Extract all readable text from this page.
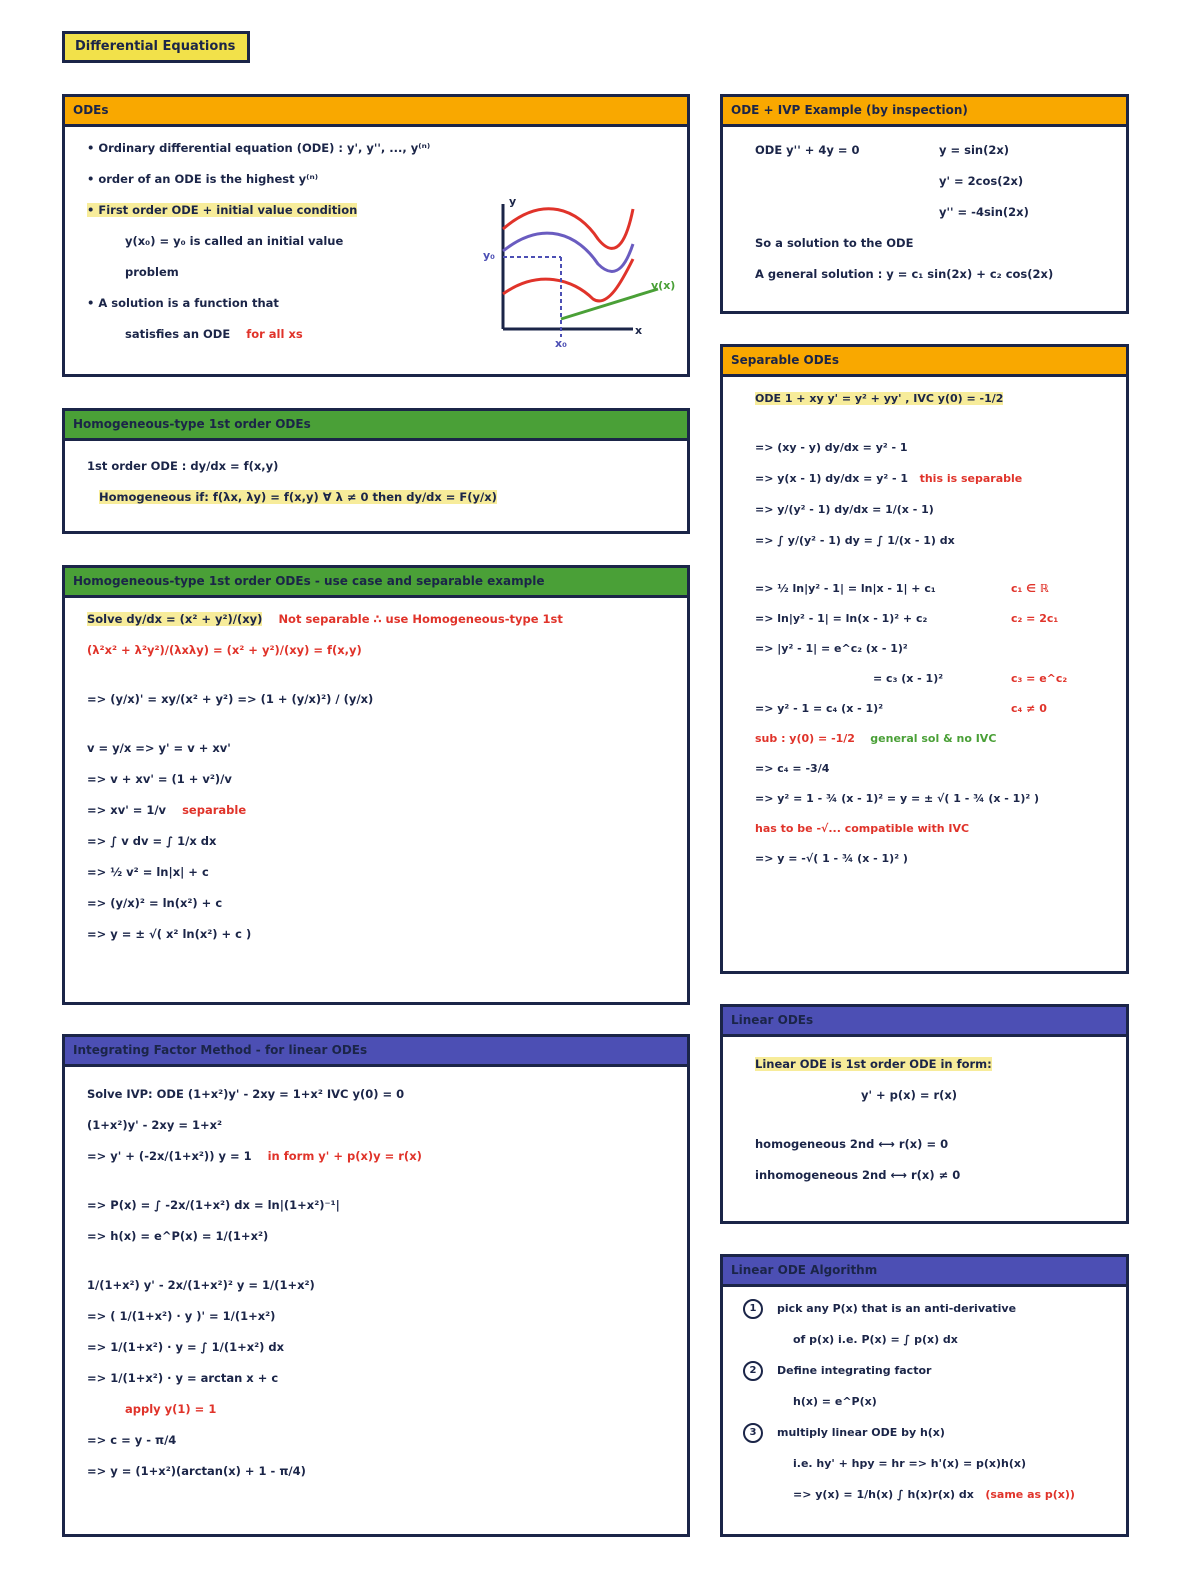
Differential Equations
ODEs
• Ordinary differential equation (ODE) : y', y'', ..., y⁽ⁿ⁾
• order of an ODE is the highest y⁽ⁿ⁾
• First order ODE + initial value condition
y(x₀) = y₀ is called an initial value
problem
• A solution is a function that
satisfies an ODE for all xs
y₀
x₀
y
x
y(x)
Homogeneous-type 1st order ODEs
1st order ODE : dy/dx = f(x,y)
Homogeneous if: f(λx, λy) = f(x,y) ∀ λ ≠ 0 then dy/dx = F(y/x)
Homogeneous-type 1st order ODEs - use case and separable example
Solve dy/dx = (x² + y²)/(xy) Not separable ∴ use Homogeneous-type 1st
(λ²x² + λ²y²)/(λxλy) = (x² + y²)/(xy) = f(x,y)
=> (y/x)' = xy/(x² + y²) => (1 + (y/x)²) / (y/x)
v = y/x => y' = v + xv'
=> v + xv' = (1 + v²)/v
=> xv' = 1/v separable
=> ∫ v dv = ∫ 1/x dx
=> ½ v² = ln|x| + c
=> (y/x)² = ln(x²) + c
=> y = ± √( x² ln(x²) + c )
Integrating Factor Method - for linear ODEs
Solve IVP: ODE (1+x²)y' - 2xy = 1+x² IVC y(0) = 0
(1+x²)y' - 2xy = 1+x²
=> y' + (-2x/(1+x²)) y = 1 in form y' + p(x)y = r(x)
=> P(x) = ∫ -2x/(1+x²) dx = ln|(1+x²)⁻¹|
=> h(x) = e^P(x) = 1/(1+x²)
1/(1+x²) y' - 2x/(1+x²)² y = 1/(1+x²)
=> ( 1/(1+x²) · y )' = 1/(1+x²)
=> 1/(1+x²) · y = ∫ 1/(1+x²) dx
=> 1/(1+x²) · y = arctan x + c
apply y(1) = 1
=> c = y - π/4
=> y = (1+x²)(arctan(x) + 1 - π/4)
ODE + IVP Example (by inspection)
ODE y'' + 4y = 0	y = sin(2x)
y' = 2cos(2x)
y'' = -4sin(2x)
So a solution to the ODE
A general solution : y = c₁ sin(2x) + c₂ cos(2x)
Separable ODEs
ODE 1 + xy y' = y² + yy' , IVC y(0) = -1/2
=> (xy - y) dy/dx = y² - 1
=> y(x - 1) dy/dx = y² - 1 this is separable
=> y/(y² - 1) dy/dx = 1/(x - 1)
=> ∫ y/(y² - 1) dy = ∫ 1/(x - 1) dx
=> ½ ln|y² - 1| = ln|x - 1| + c₁	c₁ ∈ ℝ
=> ln|y² - 1| = ln(x - 1)² + c₂	c₂ = 2c₁
=> |y² - 1| = e^c₂ (x - 1)²
= c₃ (x - 1)²	c₃ = e^c₂
=> y² - 1 = c₄ (x - 1)²	c₄ ≠ 0
sub : y(0) = -1/2 general sol & no IVC
=> c₄ = -3/4
=> y² = 1 - ¾ (x - 1)² = y = ± √( 1 - ¾ (x - 1)² )
has to be -√... compatible with IVC
=> y = -√( 1 - ¾ (x - 1)² )
Linear ODEs
Linear ODE is 1st order ODE in form:
y' + p(x) = r(x)
homogeneous 2nd ⟷ r(x) = 0
inhomogeneous 2nd ⟷ r(x) ≠ 0
Linear ODE Algorithm
1 pick any P(x) that is an anti-derivative
of p(x) i.e. P(x) = ∫ p(x) dx
2 Define integrating factor
h(x) = e^P(x)
3 multiply linear ODE by h(x)
i.e. hy' + hpy = hr => h'(x) = p(x)h(x)
=> y(x) = 1/h(x) ∫ h(x)r(x) dx (same as p(x))
